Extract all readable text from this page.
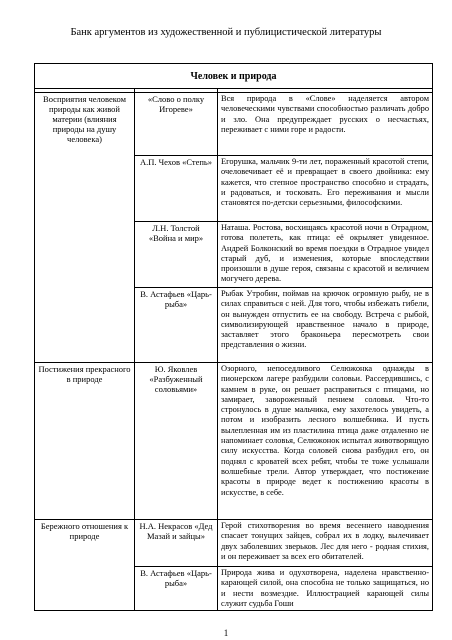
Банк аргументов из художественной и публицистической литературы
Человек и природа		

Восприятия человеком природы как живой материи (влияния природы на душу человека)	«Слово о полку Игореве»	Вся природа в «Слове» наделяется автором человеческими чувствами способностью различать добро и зло. Она предупреждает русских о несчастьях, переживает с ними горе и радости.
	А.П. Чехов «Степь»	Егорушка, мальчик 9-ти лет, пораженный красотой степи, очеловечивает её и превращает в своего двойника: ему кажется, что степное пространство способно и страдать, и радоваться, и тосковать. Его переживания и мысли становятся по-детски серьезными, философскими.
	Л.Н. Толстой «Война и мир»	Наташа. Ростова, восхищаясь красотой ночи в Отрадном, готова полететь, как птица: её окрыляет увиденное. Андрей Болконский во время поездки в Отрадное увидел старый дуб, и изменения, которые впоследствии произошли в душе героя, связаны с красотой и величием могучего дерева.
	В. Астафьев «Царь-рыба»	Рыбак Утробин, поймав на крючок огромную рыбу, не в силах справиться с ней. Для того, чтобы избежать гибели, он вынужден отпустить ее на свободу. Встреча с рыбой, символизирующей нравственное начало в природе, заставляет этого браконьера пересмотреть свои представления о жизни.
Постижения прекрасного в природе	Ю. Яковлев «Разбуженный соловьями»	Озорного, непоседливого Селюжонка однажды в пионерском лагере разбудили соловьи. Рассердившись, с камнем в руке, он решает расправиться с птицами, но замирает, завороженный пением соловья. Что-то стронулось в душе мальчика, ему захотелось увидеть, а потом и изобразить лесного волшебника. И пусть вылепленная им из пластилина птица даже отдаленно не напоминает соловья, Селюжонок испытал животворящую силу искусства. Когда соловей снова разбудил его, он поднял с кроватей всех ребят, чтобы те тоже услышали волшебные трели. Автор утверждает, что постижение красоты в природе ведет к постижению красоты в искусстве, в себе.
Бережного отношения к природе	Н.А. Некрасов «Дед Мазай и зайцы»	Герой стихотворения во время весеннего наводнения спасает тонущих зайцев, собрал их в лодку, вылечивает двух заболевших зверьков. Лес для него - родная стихия, и он переживает за всех его обитателей.
	В. Астафьев «Царь-рыба»	Природа жива и одухотворена, наделена нравственно-карающей силой, она способна не только защищаться, но и нести возмездие. Иллюстрацией карающей силы служит судьба Гоши
1
